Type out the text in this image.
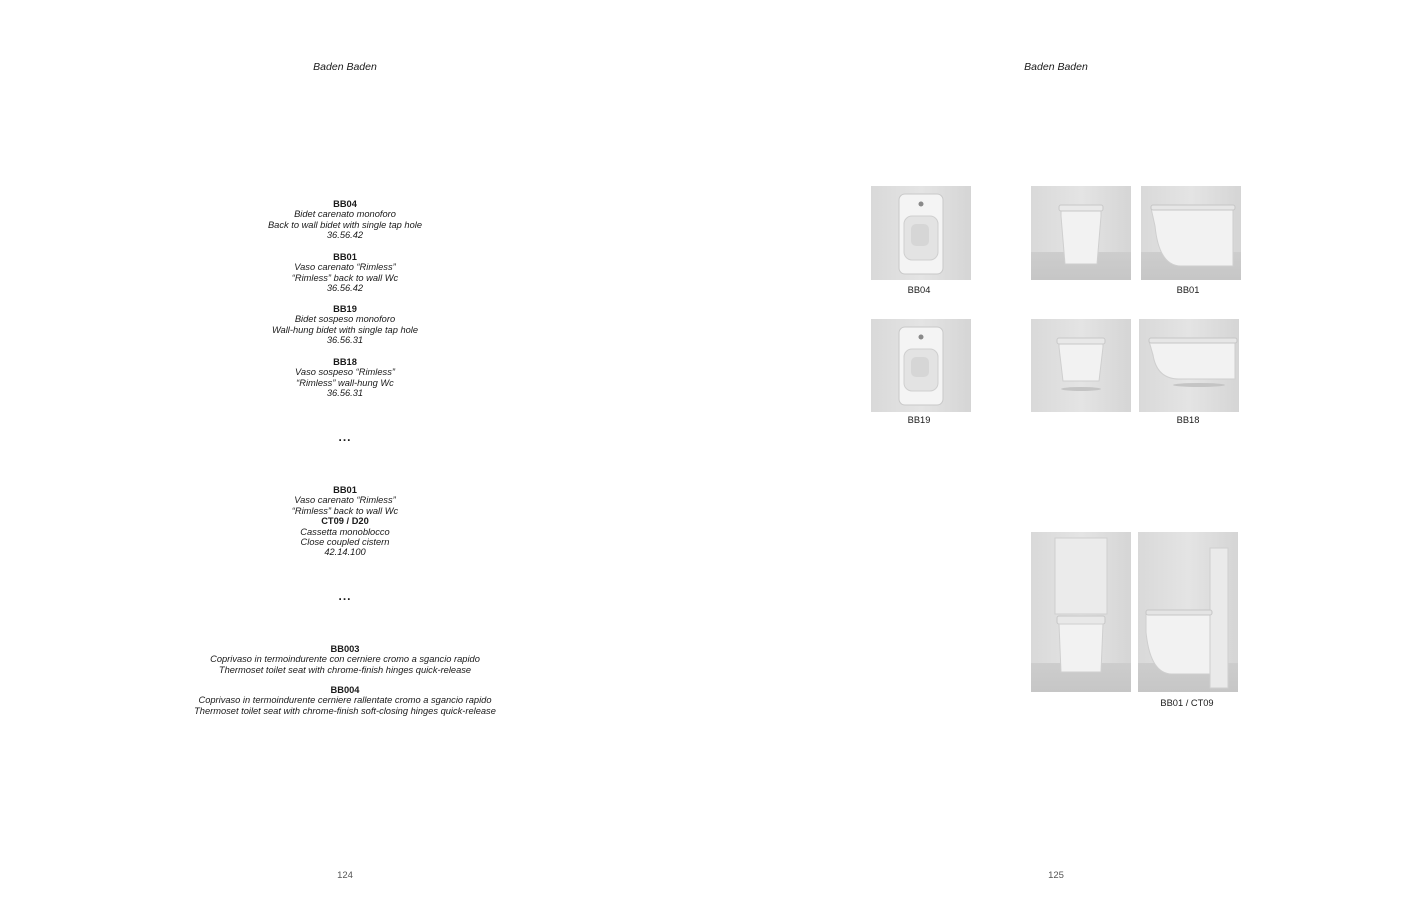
Baden Baden
BB04
Bidet carenato monoforo
Back to wall bidet with single tap hole
36.56.42
BB01
Vaso carenato “Rimless”
“Rimless” back to wall Wc
36.56.42
BB19
Bidet sospeso monoforo
Wall-hung bidet with single tap hole
36.56.31
BB18
Vaso sospeso “Rimless”
“Rimless” wall-hung Wc
36.56.31
...
BB01
Vaso carenato “Rimless”
“Rimless” back to wall Wc
CT09 / D20
Cassetta monoblocco
Close coupled cistern
42.14.100
...
BB003
Coprivaso in termoindurente con cerniere cromo a sgancio rapido
Thermoset toilet seat with chrome-finish hinges quick-release
BB004
Coprivaso in termoindurente cerniere rallentate cromo a sgancio rapido
Thermoset toilet seat with chrome-finish soft-closing hinges quick-release
124
Baden Baden
BB04	BB01
BB19	BB18
BB01 / CT09
125
